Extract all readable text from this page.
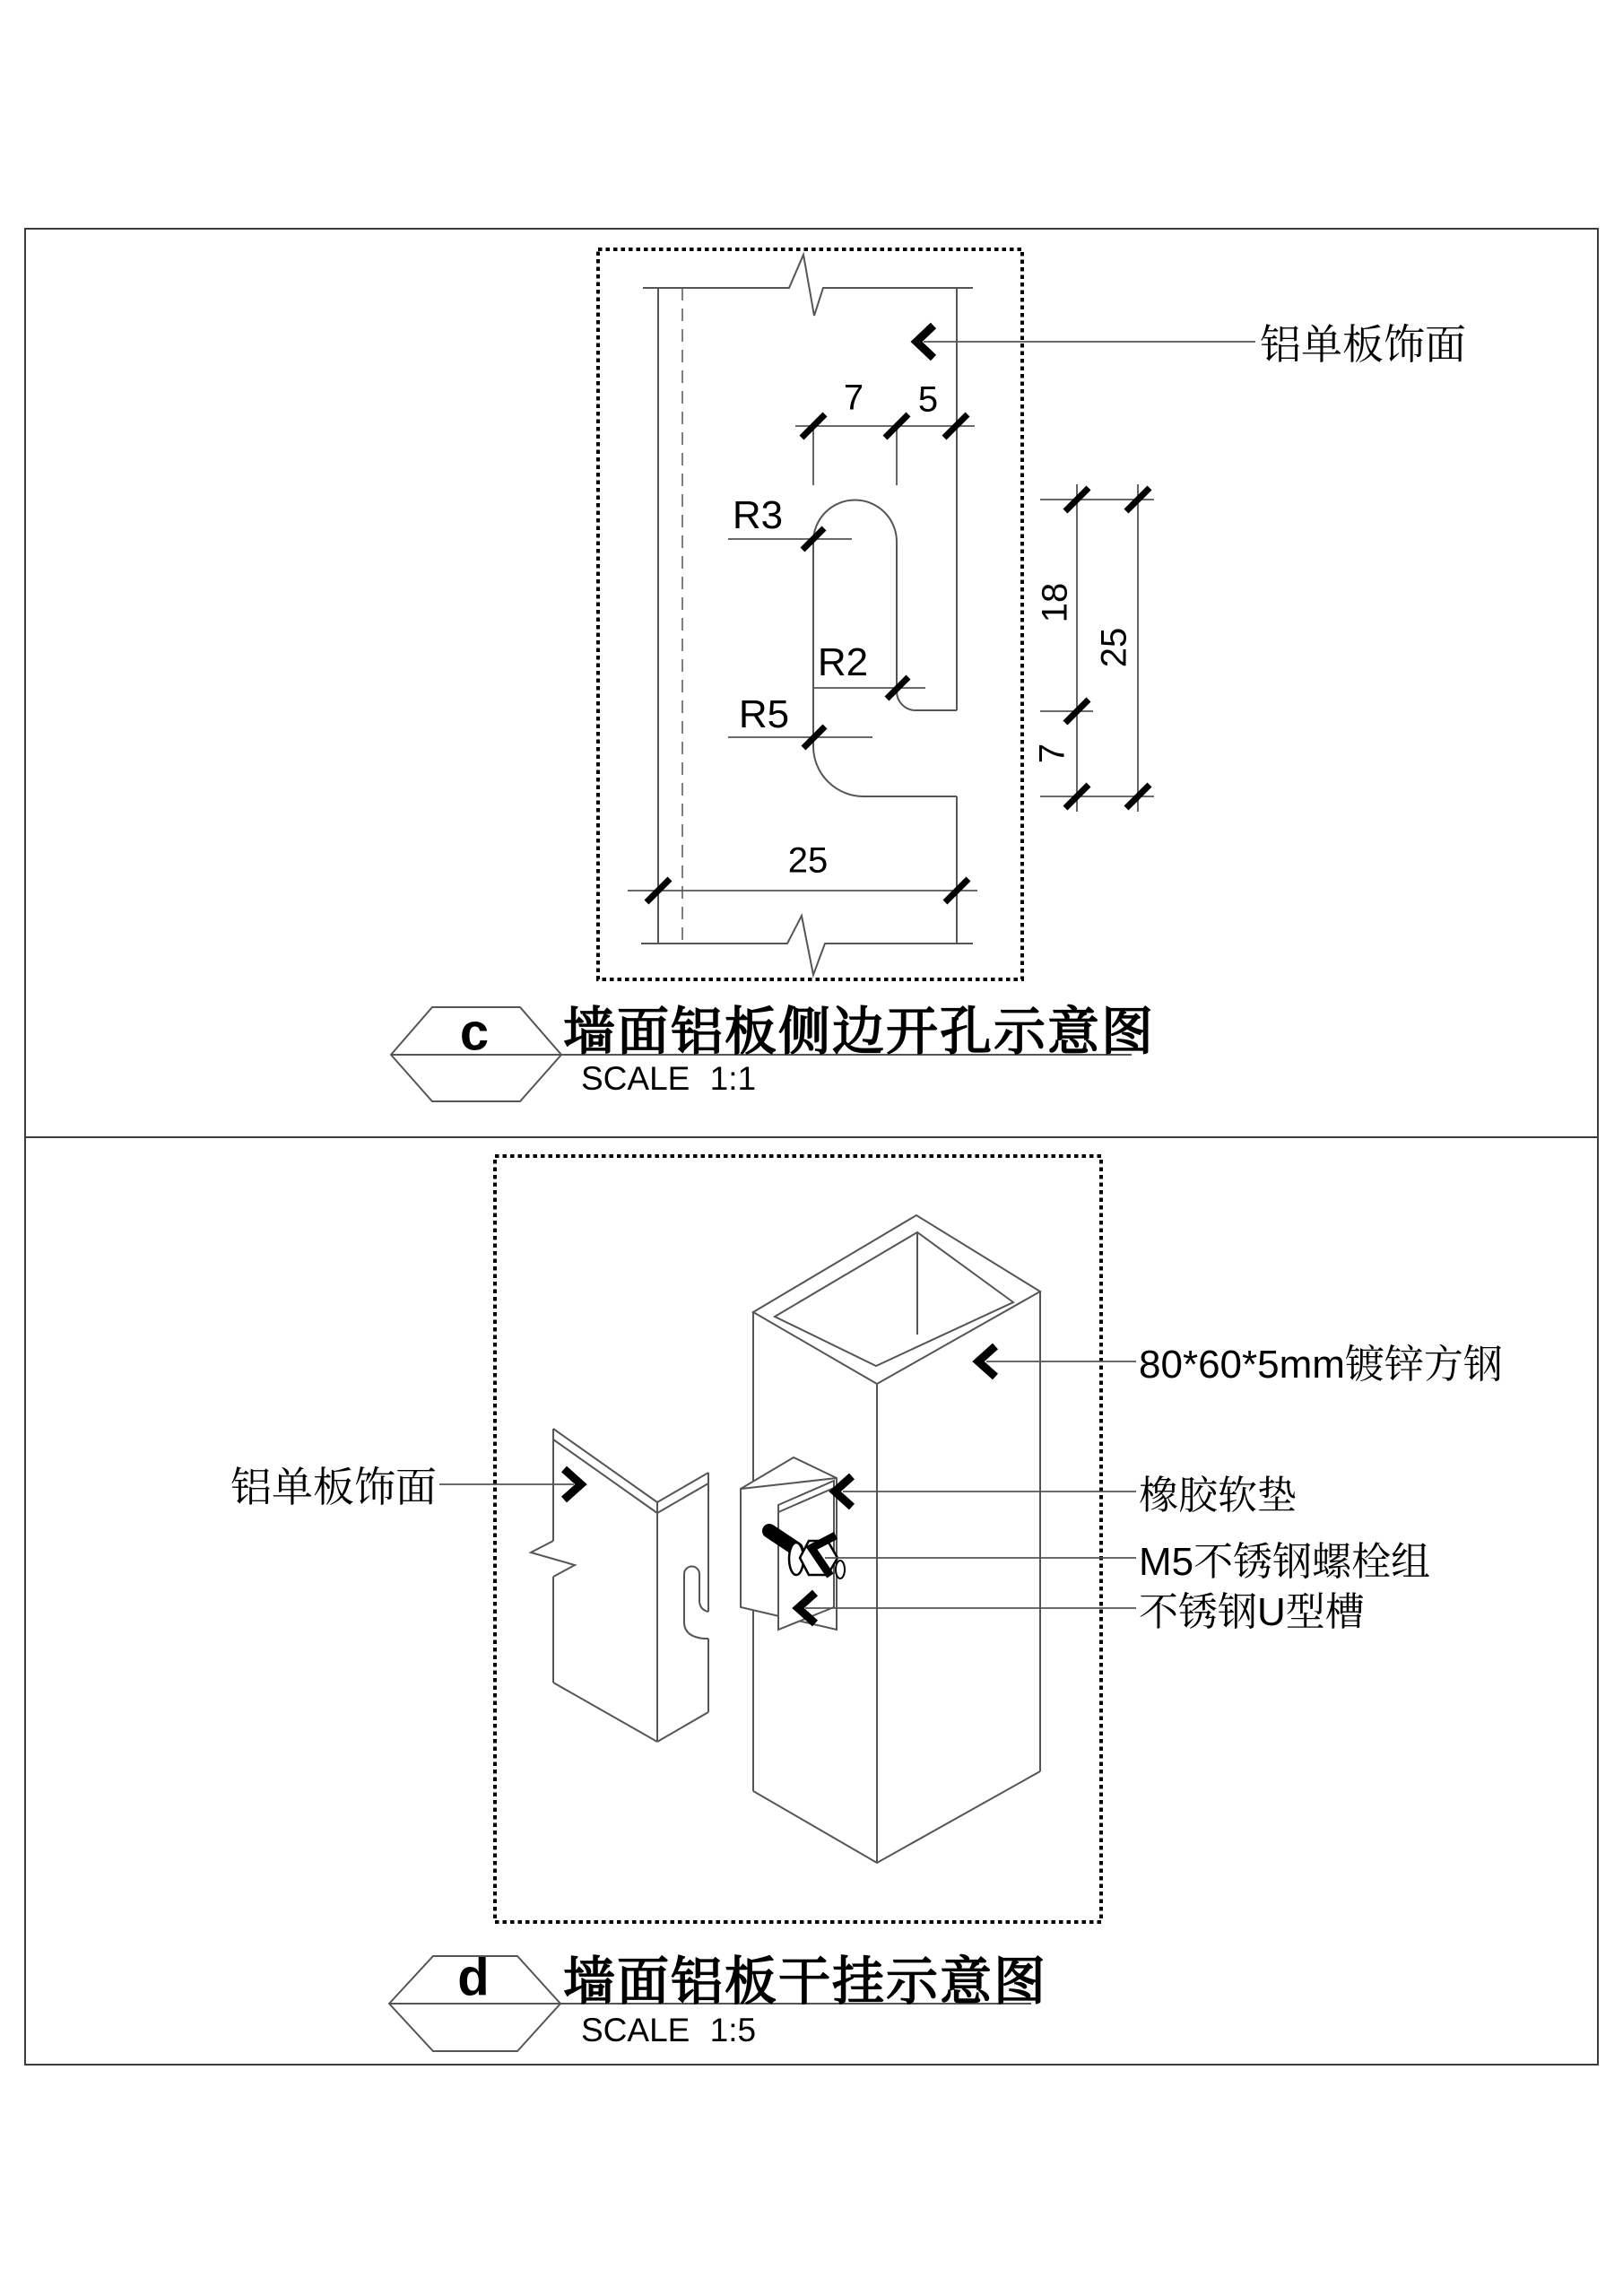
7 5
R3
R2
R5
18
7
25
25
铝单板饰面
c 墙面铝板侧边开孔示意图
SCALE 1:1
铝单板饰面
80*60*5mm镀锌方钢
橡胶软垫
M5不锈钢螺栓组
不锈钢U型槽
d 墙面铝板干挂示意图
SCALE 1:5
